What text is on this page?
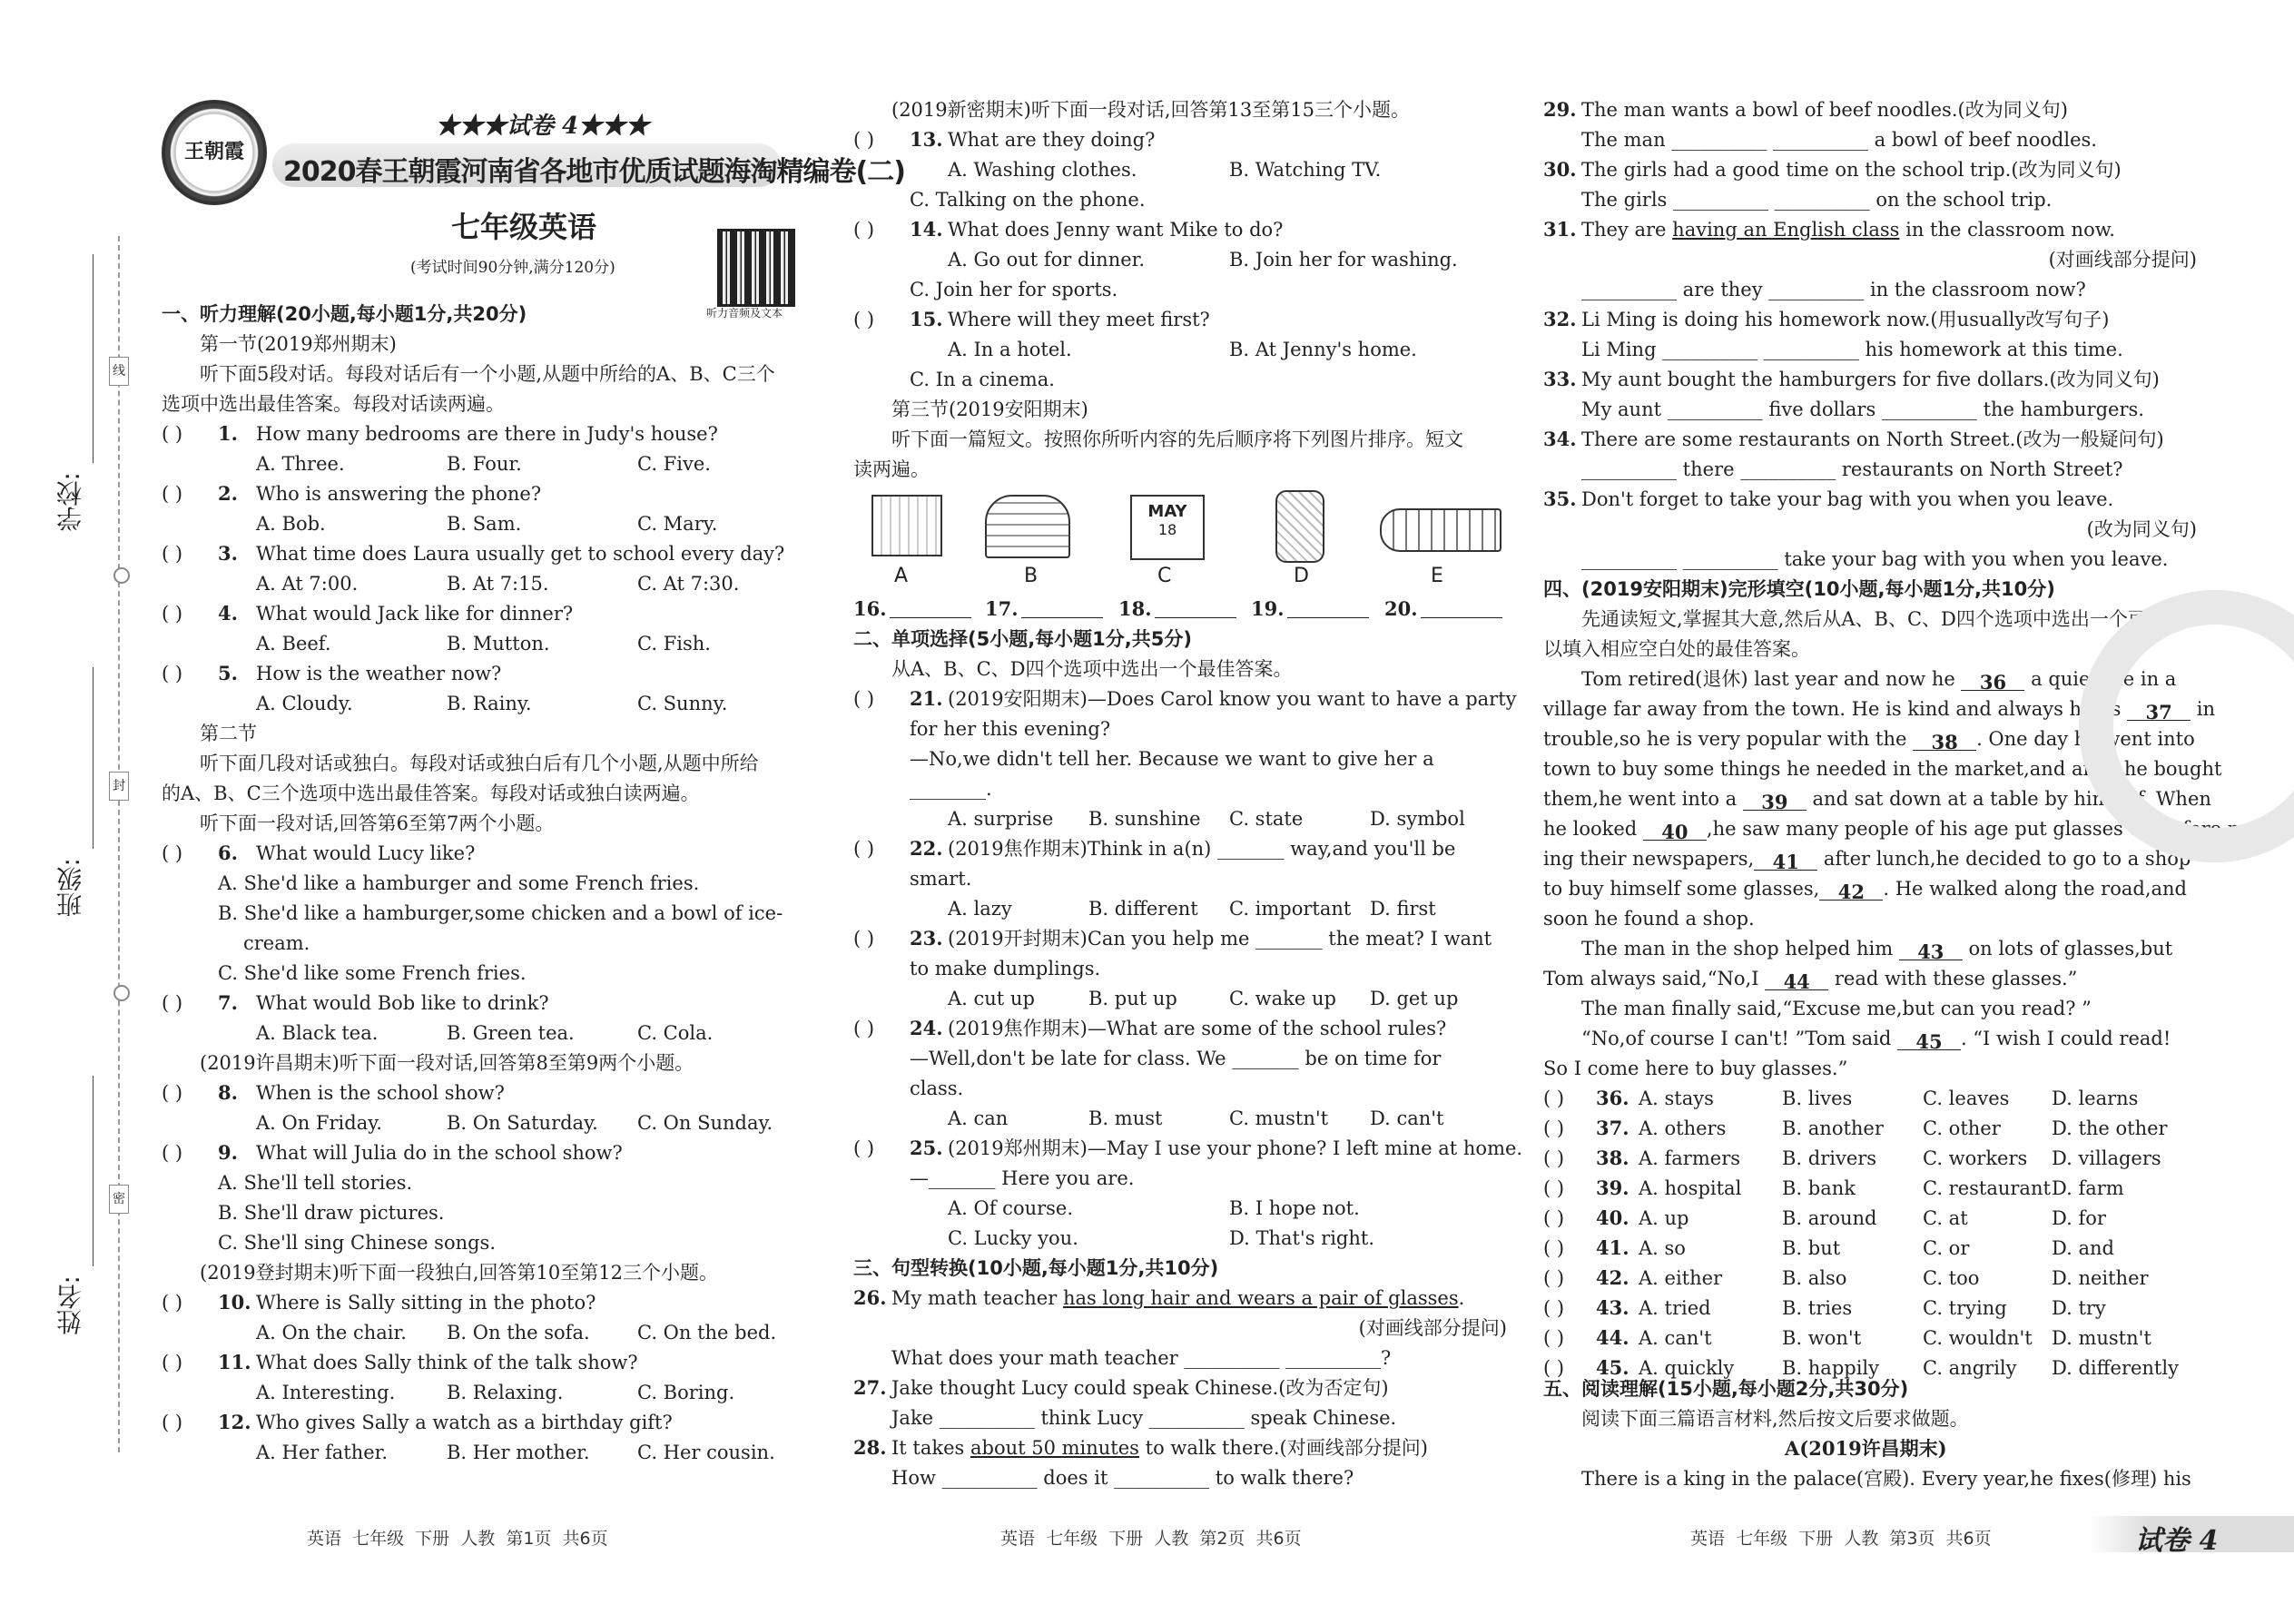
线
封
密
学校:
班级:
姓名:
王朝霞
★★★试卷 4★★★
2020春王朝霞河南省各地市优质试题海淘精编卷(二)
七年级英语
(考试时间90分钟,满分120分)
听力音频及文本
一、听力理解(20小题,每小题1分,共20分)
第一节(2019郑州期末)
听下面5段对话。每段对话后有一个小题,从题中所给的A、B、C三个
选项中选出最佳答案。每段对话读两遍。
( ) 1. How many bedrooms are there in Judy's house?
A. Three.	B. Four.	C. Five.
( ) 2. Who is answering the phone?
A. Bob.	B. Sam.	C. Mary.
( ) 3. What time does Laura usually get to school every day?
A. At 7:00.	B. At 7:15.	C. At 7:30.
( ) 4. What would Jack like for dinner?
A. Beef.	B. Mutton.	C. Fish.
( ) 5. How is the weather now?
A. Cloudy.	B. Rainy.	C. Sunny.
第二节
听下面几段对话或独白。每段对话或独白后有几个小题,从题中所给
的A、B、C三个选项中选出最佳答案。每段对话或独白读两遍。
听下面一段对话,回答第6至第7两个小题。
( ) 6. What would Lucy like?
A. She'd like a hamburger and some French fries.
B. She'd like a hamburger,some chicken and a bowl of ice-
cream.
C. She'd like some French fries.
( ) 7. What would Bob like to drink?
A. Black tea.	B. Green tea.	C. Cola.
(2019许昌期末)听下面一段对话,回答第8至第9两个小题。
( ) 8. When is the school show?
A. On Friday.	B. On Saturday. C. On Sunday.
( ) 9. What will Julia do in the school show?
A. She'll tell stories.
B. She'll draw pictures.
C. She'll sing Chinese songs.
(2019登封期末)听下面一段独白,回答第10至第12三个小题。
( ) 10. Where is Sally sitting in the photo?
A. On the chair. B. On the sofa. C. On the bed.
( ) 11. What does Sally think of the talk show?
A. Interesting.	B. Relaxing.	C. Boring.
( ) 12. Who gives Sally a watch as a birthday gift?
A. Her father.	B. Her mother. C. Her cousin.
(2019新密期末)听下面一段对话,回答第13至第15三个小题。
( ) 13. What are they doing?
A. Washing clothes.	B. Watching TV.
C. Talking on the phone.
( ) 14. What does Jenny want Mike to do?
A. Go out for dinner.	B. Join her for washing.
C. Join her for sports.
( ) 15. Where will they meet first?
A. In a hotel.	B. At Jenny's home.
C. In a cinema.
第三节(2019安阳期末)
听下面一篇短文。按照你所听内容的先后顺序将下列图片排序。短文
读两遍。
MAY
18
A	B	C	D	E
16.	17.	18.	19.	20.
二、单项选择(5小题,每小题1分,共5分)
从A、B、C、D四个选项中选出一个最佳答案。
( ) 21. (2019安阳期末)—Does Carol know you want to have a party
for her this evening?
—No,we didn't tell her. Because we want to give her a
________.
A. surprise B. sunshine C. state	D. symbol
( ) 22. (2019焦作期末)Think in a(n) _______ way,and you'll be
smart.
A. lazy	B. different C. important D. first
( ) 23. (2019开封期末)Can you help me _______ the meat? I want
to make dumplings.
A. cut up	B. put up	C. wake up D. get up
( ) 24. (2019焦作期末)—What are some of the school rules?
—Well,don't be late for class. We _______ be on time for
class.
A. can	B. must	C. mustn't D. can't
( ) 25. (2019郑州期末)—May I use your phone? I left mine at home.
—_______ Here you are.
A. Of course.	B. I hope not.
C. Lucky you.	D. That's right.
三、句型转换(10小题,每小题1分,共10分)
26. My math teacher has long hair and wears a pair of glasses.
(对画线部分提问)
What does your math teacher __________ __________?
27. Jake thought Lucy could speak Chinese.(改为否定句)
Jake __________ think Lucy __________ speak Chinese.
28. It takes about 50 minutes to walk there.(对画线部分提问)
How __________ does it __________ to walk there?
29. The man wants a bowl of beef noodles.(改为同义句)
The man __________ __________ a bowl of beef noodles.
30. The girls had a good time on the school trip.(改为同义句)
The girls __________ __________ on the school trip.
31. They are having an English class in the classroom now.
(对画线部分提问)
__________ are they __________ in the classroom now?
32. Li Ming is doing his homework now.(用usually改写句子)
Li Ming __________ __________ his homework at this time.
33. My aunt bought the hamburgers for five dollars.(改为同义句)
My aunt __________ five dollars __________ the hamburgers.
34. There are some restaurants on North Street.(改为一般疑问句)
__________ there __________ restaurants on North Street?
35. Don't forget to take your bag with you when you leave.
(改为同义句)
__________ __________ take your bag with you when you leave.
四、(2019安阳期末)完形填空(10小题,每小题1分,共10分)
先通读短文,掌握其大意,然后从A、B、C、D四个选项中选出一个可
以填入相应空白处的最佳答案。
Tom retired(退休) last year and now he 36 a quiet life in a
village far away from the town. He is kind and always helps 37 in
trouble,so he is very popular with the 38 . One day he went into
town to buy some things he needed in the market,and after he bought
them,he went into a 39 and sat down at a table by himself. When
he looked 40 ,he saw many people of his age put glasses on before read-
ing their newspapers, 41 after lunch,he decided to go to a shop
to buy himself some glasses, 42 . He walked along the road,and
soon he found a shop.
The man in the shop helped him 43 on lots of glasses,but
Tom always said,“No,I 44 read with these glasses.”
The man finally said,“Excuse me,but can you read? ”
“No,of course I can't! ”Tom said 45 . “I wish I could read!
So I come here to buy glasses.”
( ) 36. A. stays	B. lives	C. leaves D. learns
( ) 37. A. others	B. another C. other	D. the other
( ) 38. A. farmers B. drivers C. workers D. villagers
( ) 39. A. hospital B. bank	C. restaurant D. farm
( ) 40. A. up	B. around C. at	D. for
( ) 41. A. so	B. but	C. or	D. and
( ) 42. A. either	B. also	C. too	D. neither
( ) 43. A. tried	B. tries	C. trying D. try
( ) 44. A. can't	B. won't	C. wouldn't D. mustn't
( ) 45. A. quickly	B. happily C. angrily D. differently
五、阅读理解(15小题,每小题2分,共30分)
阅读下面三篇语言材料,然后按文后要求做题。
A(2019许昌期末)
There is a king in the palace(宫殿). Every year,he fixes(修理) his
英语  七年级  下册  人教  第1页  共6页	英语  七年级  下册  人教  第2页  共6页	英语  七年级  下册  人教  第3页  共6页	试卷 4
